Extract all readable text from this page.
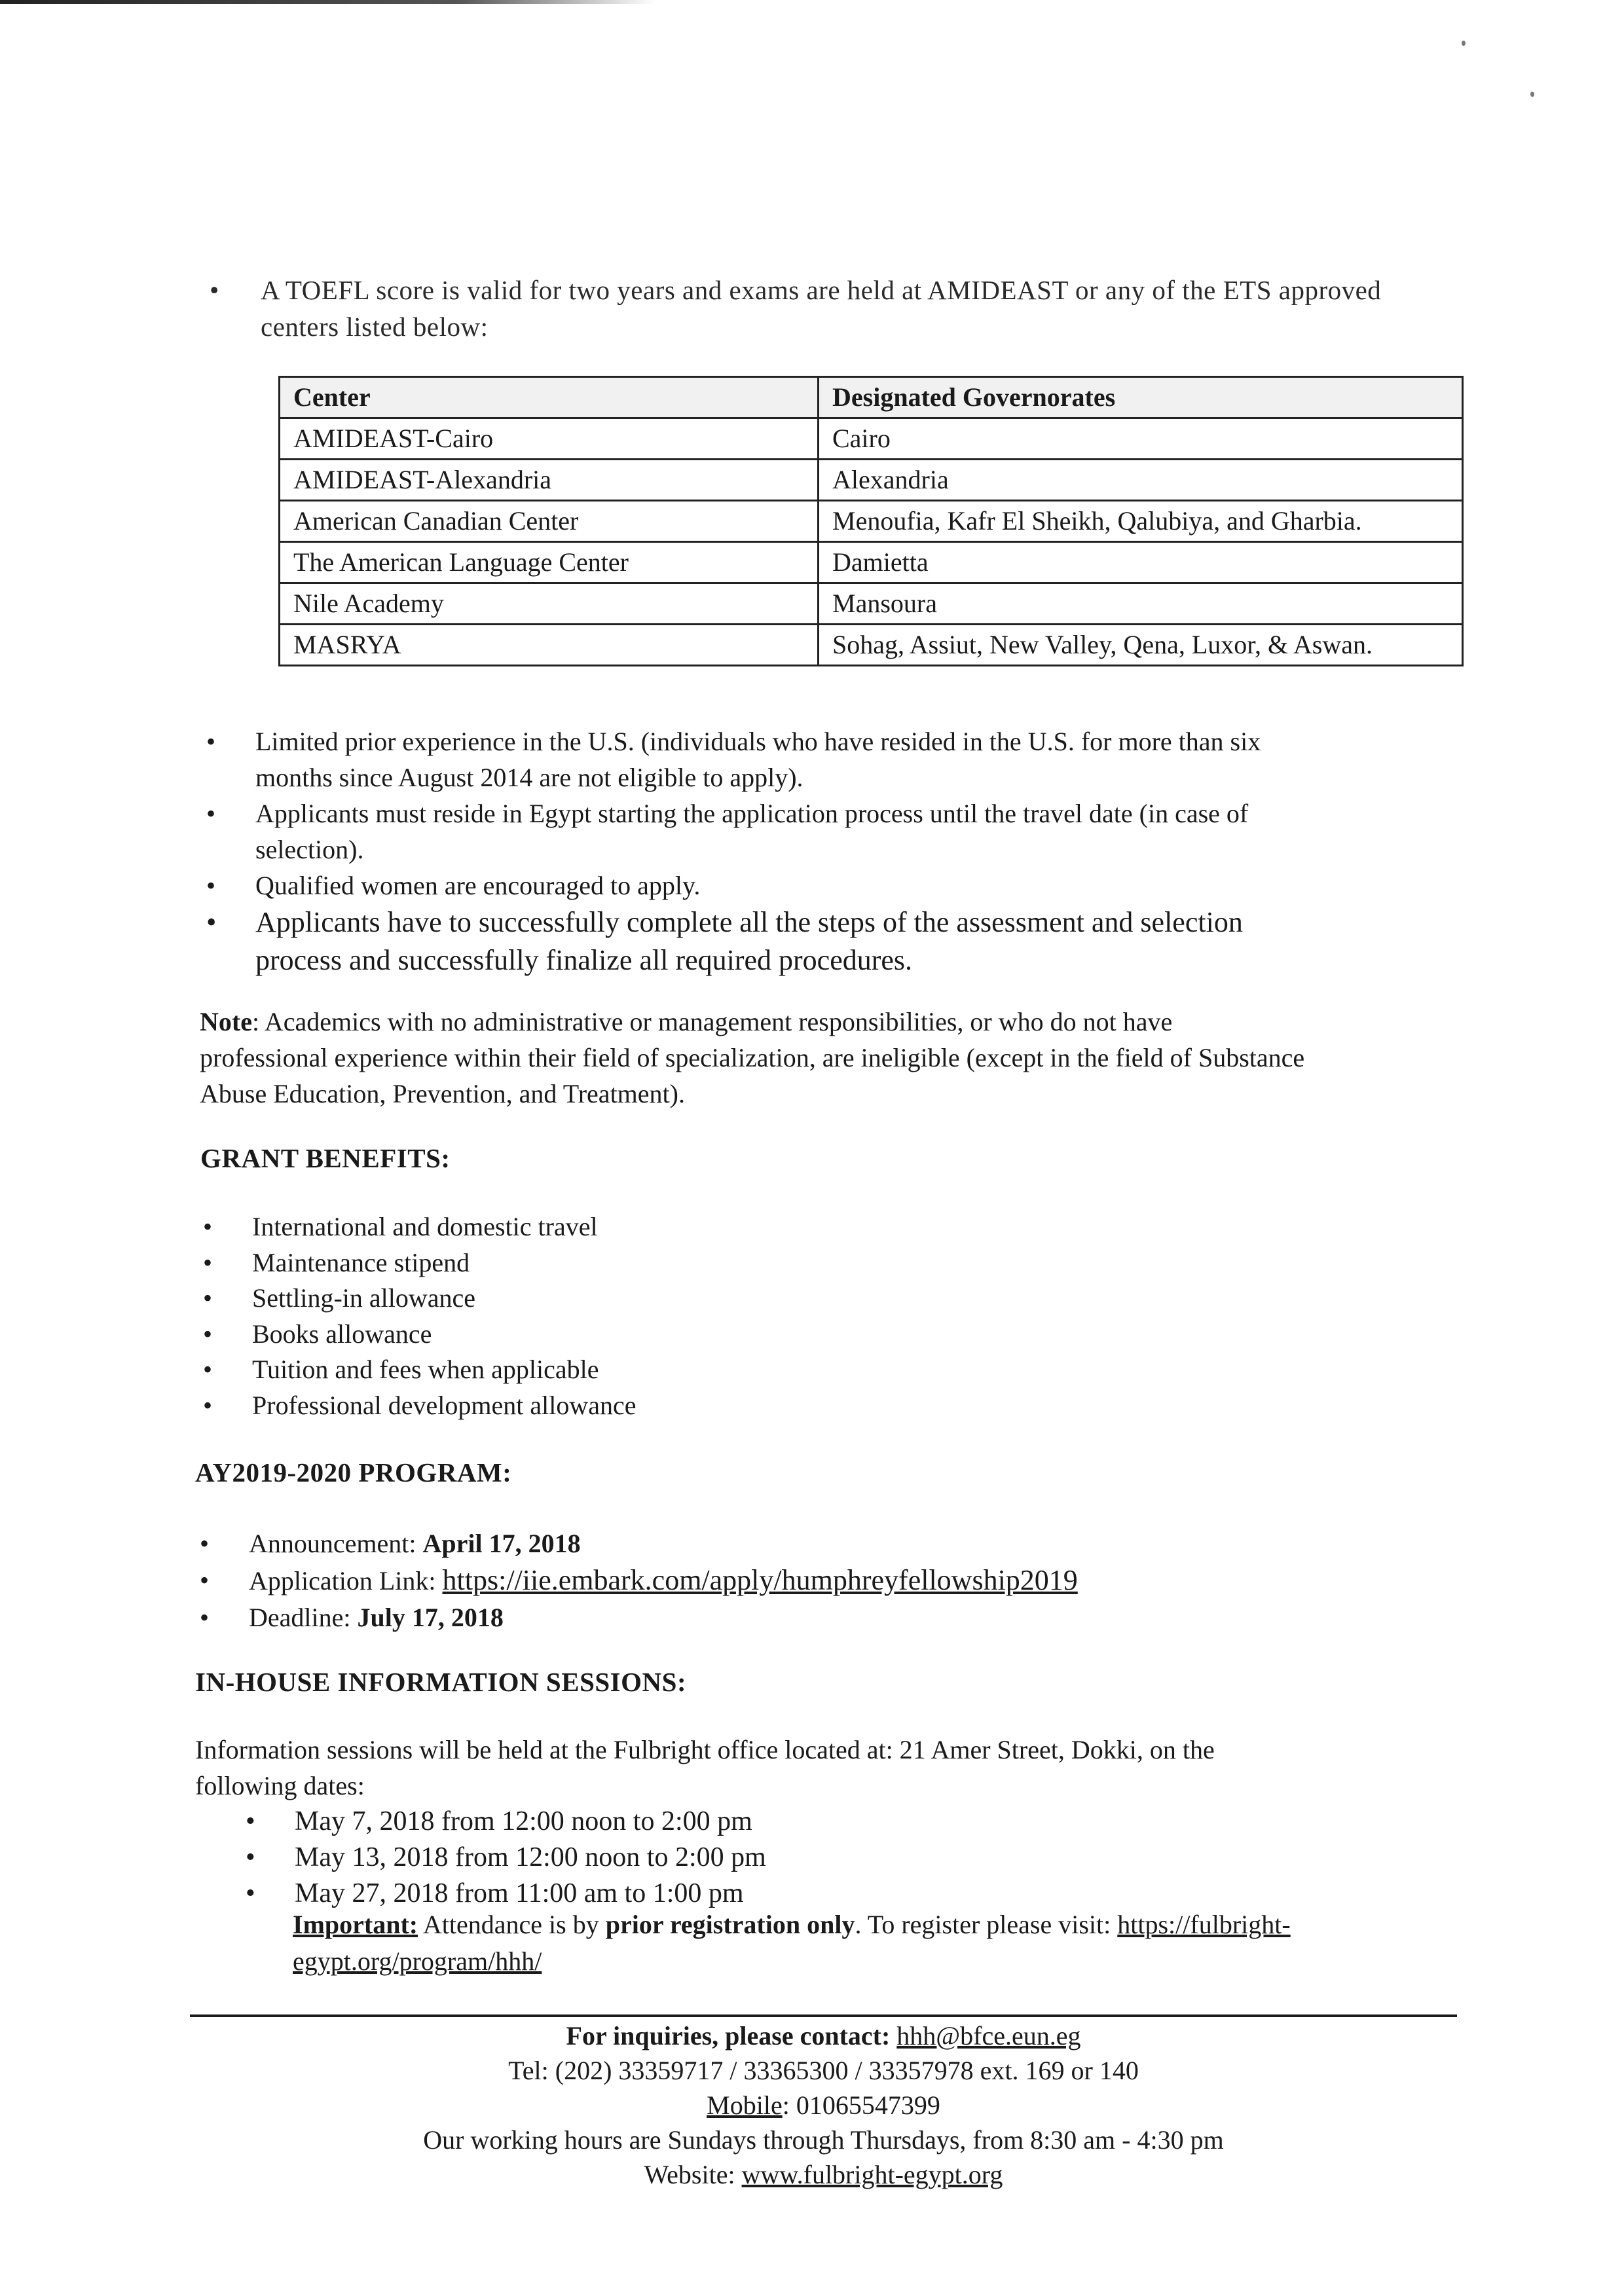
• A TOEFL score is valid for two years and exams are held at AMIDEAST or any of the ETS approved

centers listed below:

Center	Designated Governorates
AMIDEAST-Cairo	Cairo
AMIDEAST-Alexandria	Alexandria
American Canadian Center	Menoufia, Kafr El Sheikh, Qalubiya, and Gharbia.
The American Language Center	Damietta
Nile Academy	Mansoura
MASRYA	Sohag, Assiut, New Valley, Qena, Luxor, & Aswan.
• Limited prior experience in the U.S. (individuals who have resided in the U.S. for more than six
months since August 2014 are not eligible to apply).
• Applicants must reside in Egypt starting the application process until the travel date (in case of
selection).
• Qualified women are encouraged to apply.
• Applicants have to successfully complete all the steps of the assessment and selection
process and successfully finalize all required procedures.
Note: Academics with no administrative or management responsibilities, or who do not have
professional experience within their field of specialization, are ineligible (except in the field of Substance
Abuse Education, Prevention, and Treatment).
GRANT BENEFITS:
• International and domestic travel
• Maintenance stipend
• Settling-in allowance
• Books allowance
• Tuition and fees when applicable
• Professional development allowance
AY2019-2020 PROGRAM:
• Announcement: April 17, 2018
• Application Link: https://iie.embark.com/apply/humphreyfellowship2019
• Deadline: July 17, 2018
IN-HOUSE INFORMATION SESSIONS:
Information sessions will be held at the Fulbright office located at: 21 Amer Street, Dokki, on the
following dates:
• May 7, 2018 from 12:00 noon to 2:00 pm
• May 13, 2018 from 12:00 noon to 2:00 pm
• May 27, 2018 from 11:00 am to 1:00 pm
Important: Attendance is by prior registration only. To register please visit: https://fulbright-
egypt.org/program/hhh/
For inquiries, please contact: hhh@bfce.eun.eg
Tel: (202) 33359717 / 33365300 / 33357978 ext. 169 or 140
Mobile: 01065547399
Our working hours are Sundays through Thursdays, from 8:30 am - 4:30 pm
Website: www.fulbright-egypt.org
